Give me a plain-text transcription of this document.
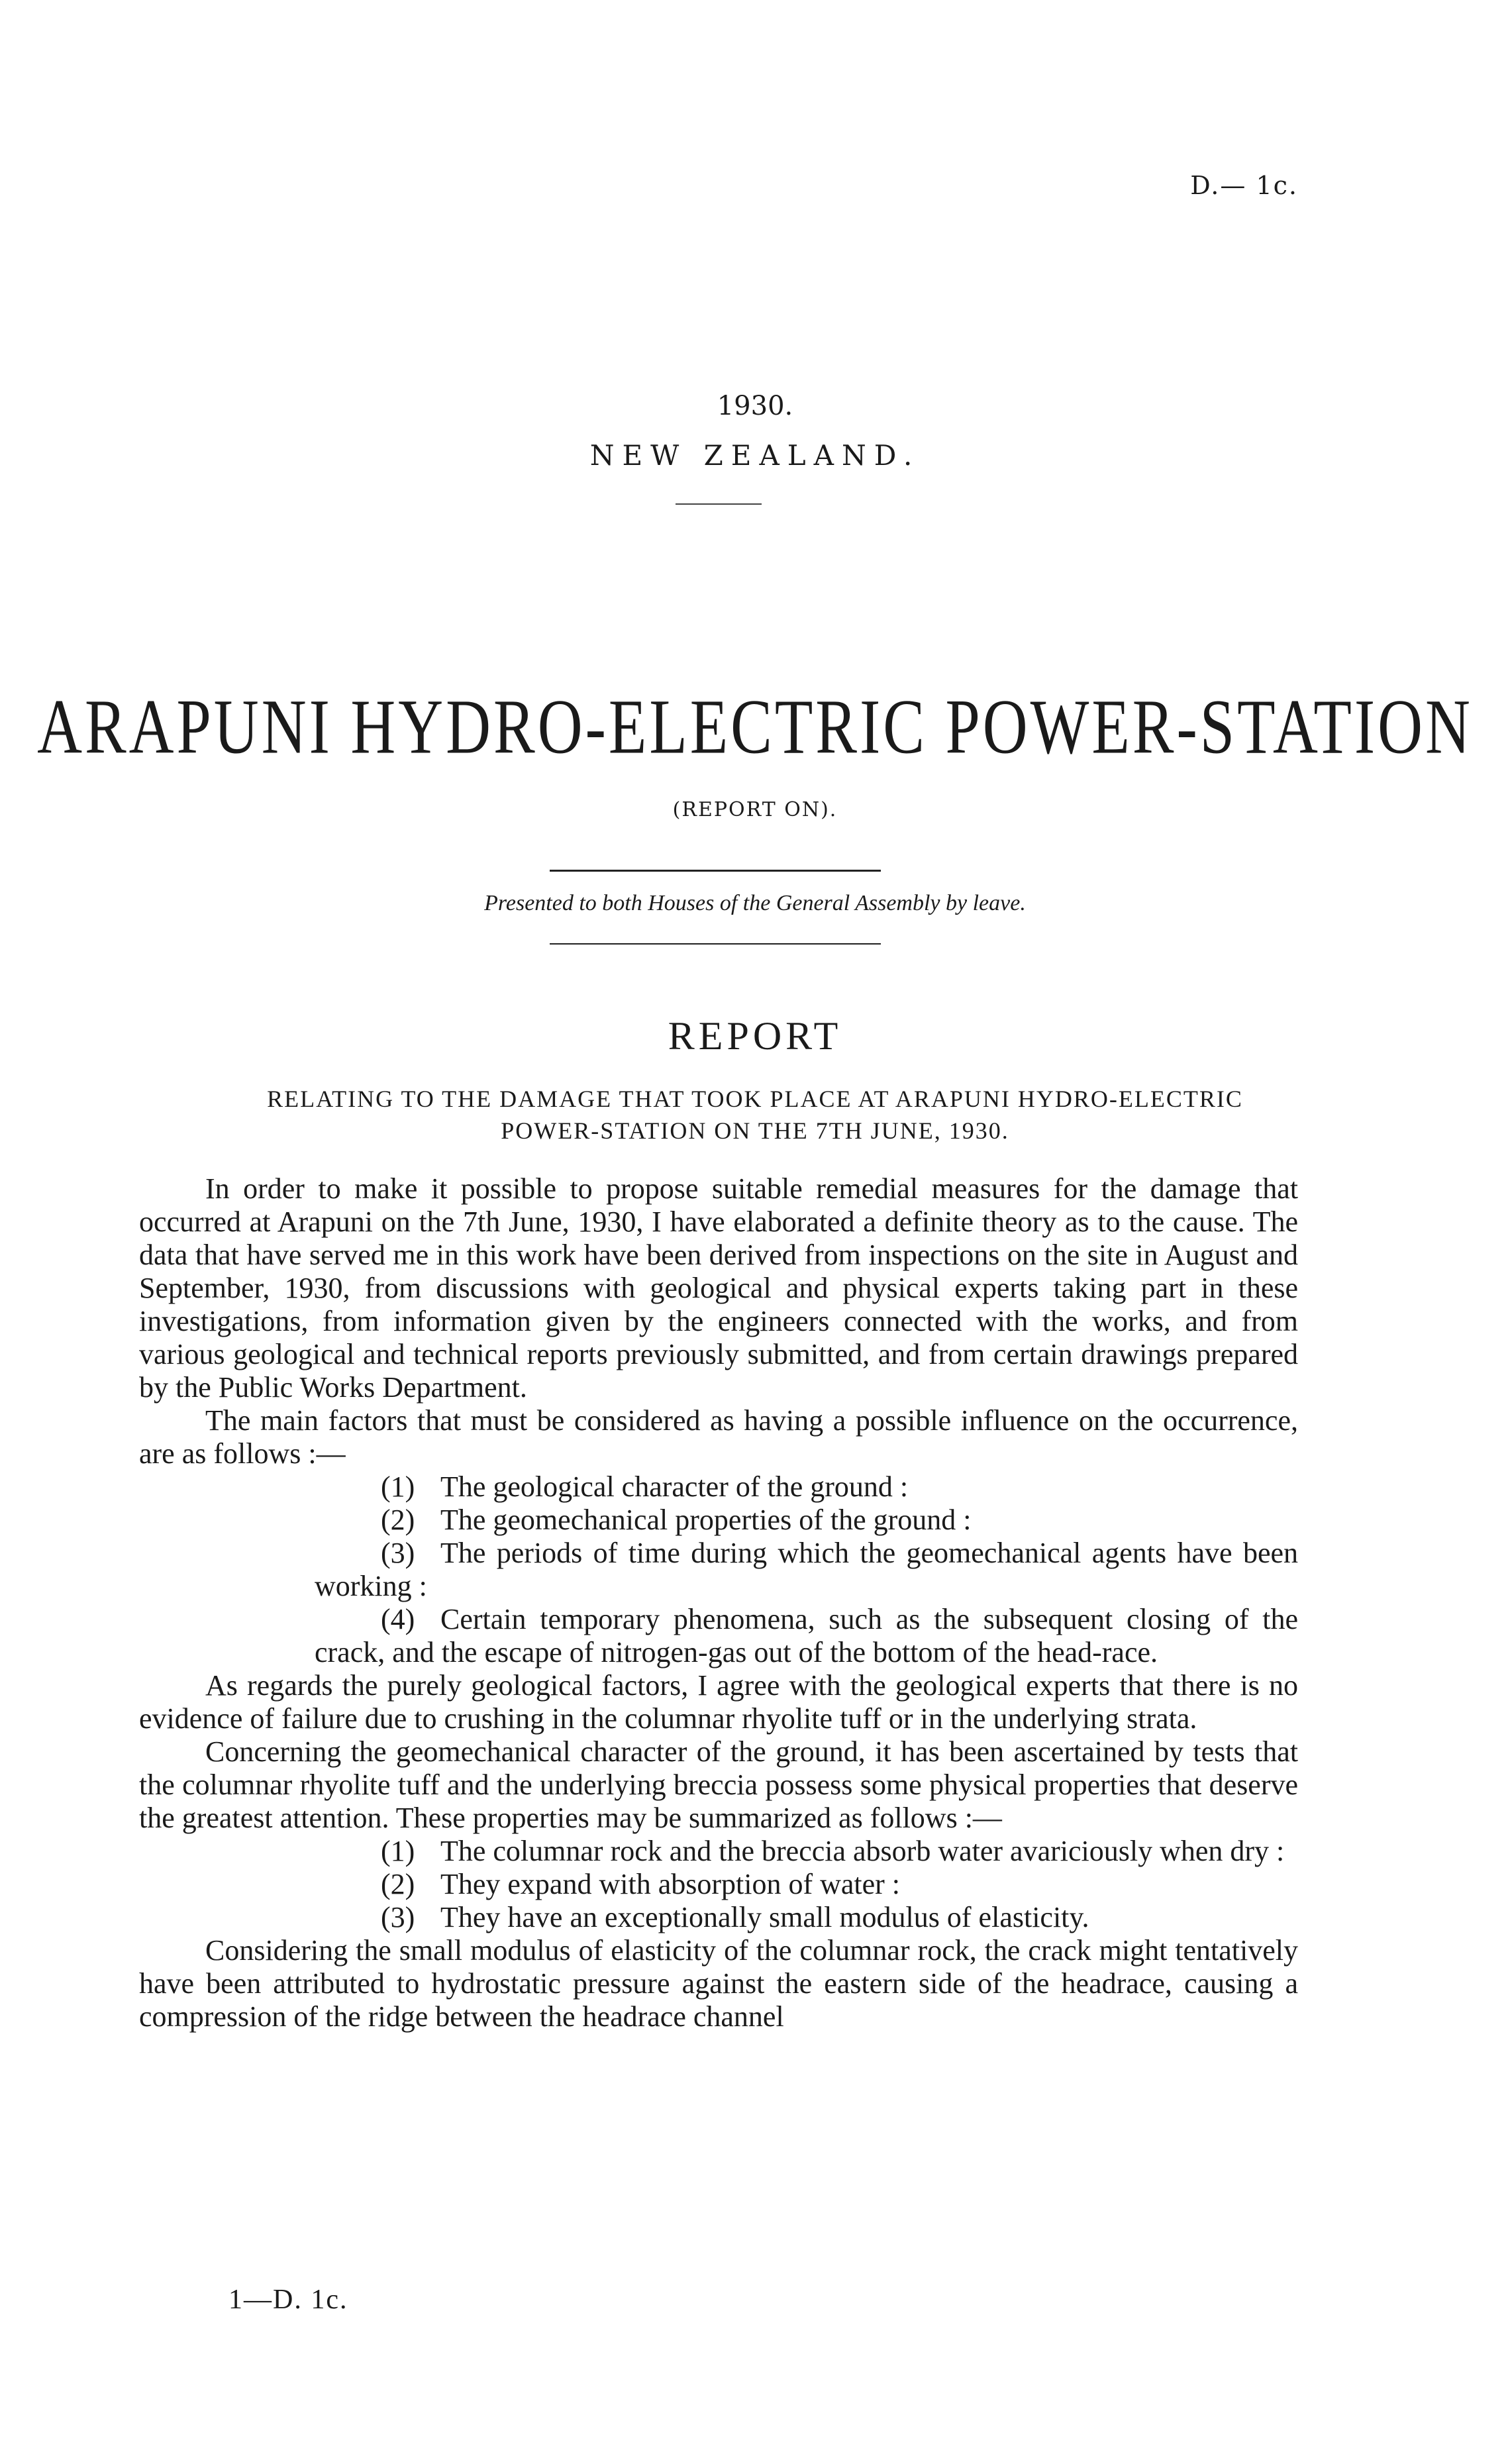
D.— 1c.
1930.
NEW ZEALAND.
ARAPUNI HYDRO-ELECTRIC POWER-STATION
(REPORT ON).
Presented to both Houses of the General Assembly by leave.
REPORT
RELATING TO THE DAMAGE THAT TOOK PLACE AT ARAPUNI HYDRO-ELECTRIC
POWER-STATION ON THE 7TH JUNE, 1930.

In order to make it possible to propose suitable remedial measures for the damage that occurred at Arapuni on the 7th June, 1930, I have elaborated a definite theory as to the cause. The data that have served me in this work have been derived from inspections on the site in August and September, 1930, from discussions with geological and physical experts taking part in these investigations, from information given by the engineers connected with the works, and from various geological and technical reports previously submitted, and from certain drawings prepared by the Public Works Department.

The main factors that must be considered as having a possible influence on the occurrence, are as follows :—

(1) The geological character of the ground :

(2) The geomechanical properties of the ground :

(3) The periods of time during which the geomechanical agents have been working :

(4) Certain temporary phenomena, such as the subsequent closing of the crack, and the escape of nitrogen-gas out of the bottom of the head-race.

As regards the purely geological factors, I agree with the geological experts that there is no evidence of failure due to crushing in the columnar rhyolite tuff or in the underlying strata.

Concerning the geomechanical character of the ground, it has been ascertained by tests that the columnar rhyolite tuff and the underlying breccia possess some physical properties that deserve the greatest attention. These properties may be summarized as follows :—

(1) The columnar rock and the breccia absorb water avariciously when dry :

(2) They expand with absorption of water :

(3) They have an exceptionally small modulus of elasticity.

Considering the small modulus of elasticity of the columnar rock, the crack might tentatively have been attributed to hydrostatic pressure against the eastern side of the headrace, causing a compression of the ridge between the headrace channel

1—D. 1c.
